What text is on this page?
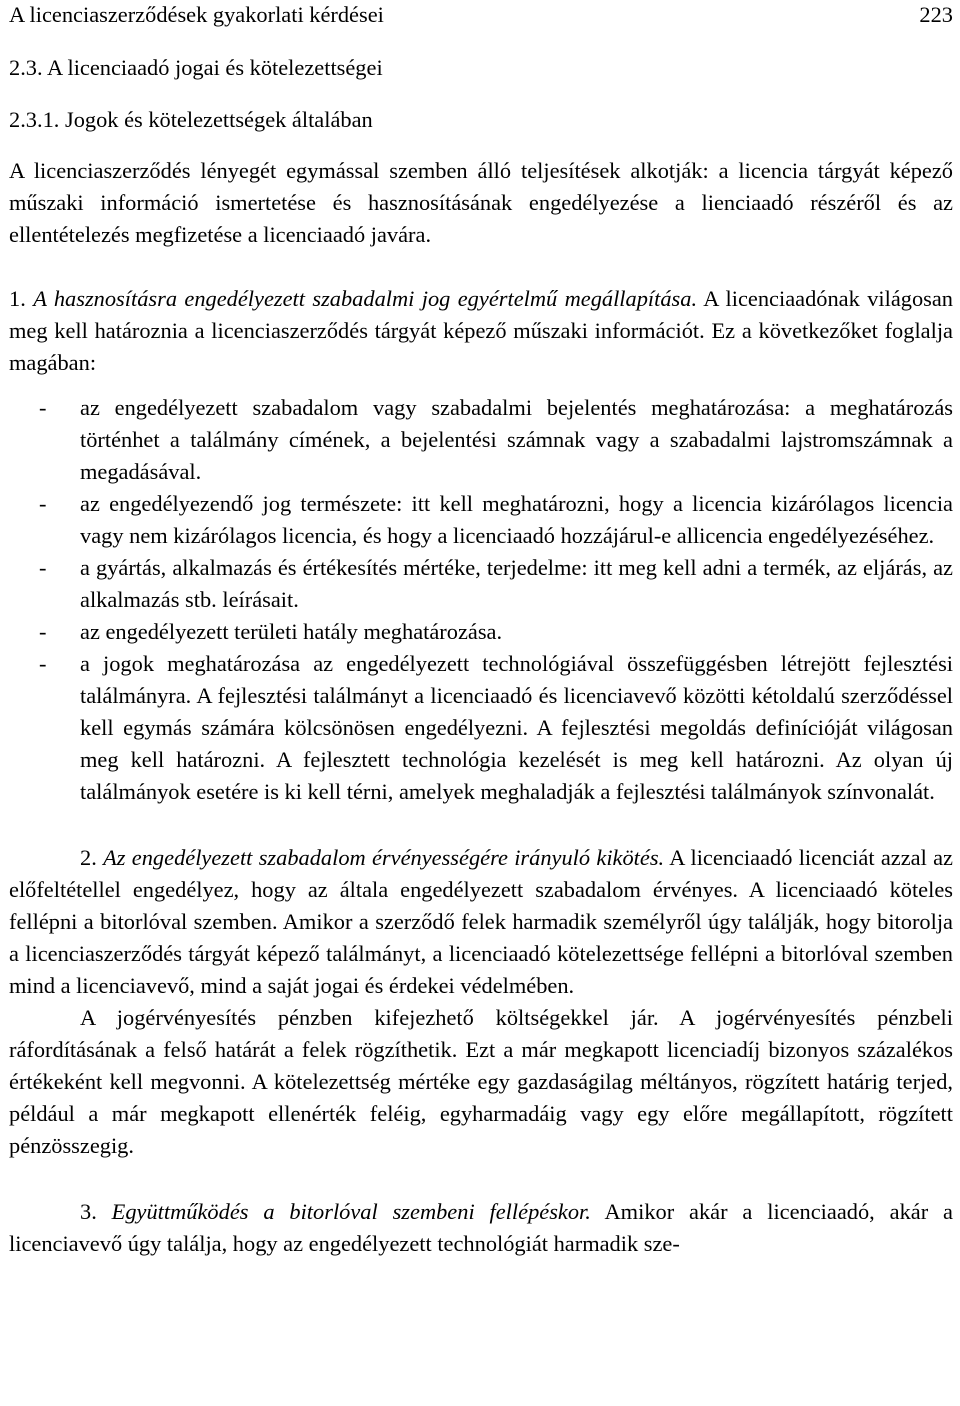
A licenciaszerződések gyakorlati kérdései	223
2.3. A licenciaadó jogai és kötelezettségei
2.3.1. Jogok és kötelezettségek általában

A licenciaszerződés lényegét egymással szemben álló teljesítések alkotják: a licencia tárgyát képező műszaki információ ismertetése és hasznosításának engedélyezése a lienciaadó részéről és az ellentételezés megfizetése a licenciaadó javára.

1. A hasznosításra engedélyezett szabadalmi jog egyértelmű megállapítása. A licenciaadónak világosan meg kell határoznia a licenciaszerződés tárgyát képező műszaki információt. Ez a következőket foglalja magában:

- az engedélyezett szabadalom vagy szabadalmi bejelentés meghatározása: a meghatározás történhet a találmány címének, a bejelentési számnak vagy a szabadalmi lajstromszámnak a megadásával.
- az engedélyezendő jog természete: itt kell meghatározni, hogy a licencia kizárólagos licencia vagy nem kizárólagos licencia, és hogy a licenciaadó hozzájárul-e allicencia engedélyezéséhez.
- a gyártás, alkalmazás és értékesítés mértéke, terjedelme: itt meg kell adni a termék, az eljárás, az alkalmazás stb. leírásait.
- az engedélyezett területi hatály meghatározása.
- a jogok meghatározása az engedélyezett technológiával összefüggésben létrejött fejlesztési találmányra. A fejlesztési találmányt a licenciaadó és licenciavevő közötti kétoldalú szerződéssel kell egymás számára kölcsönösen engedélyezni. A fejlesztési megoldás definícióját világosan meg kell határozni. A fejlesztett technológia kezelését is meg kell határozni. Az olyan új találmányok esetére is ki kell térni, amelyek meghaladják a fejlesztési találmányok színvonalát.

2. Az engedélyezett szabadalom érvényességére irányuló kikötés. A licenciaadó licenciát azzal az előfeltétellel engedélyez, hogy az általa engedélyezett szabadalom érvényes. A licenciaadó köteles fellépni a bitorlóval szemben. Amikor a szerződő felek harmadik személyről úgy találják, hogy bitorolja a licenciaszerződés tárgyát képező találmányt, a licenciaadó kötelezettsége fellépni a bitorlóval szemben mind a licenciavevő, mind a saját jogai és érdekei védelmében.

A jogérvényesítés pénzben kifejezhető költségekkel jár. A jogérvényesítés pénzbeli ráfordításának a felső határát a felek rögzíthetik. Ezt a már megkapott licenciadíj bizonyos százalékos értékeként kell megvonni. A kötelezettség mértéke egy gazdaságilag méltányos, rögzített határig terjed, például a már megkapott ellenérték feléig, egyharmadáig vagy egy előre megállapított, rögzített pénzösszegig.

3. Együttműködés a bitorlóval szembeni fellépéskor. Amikor akár a licenciaadó, akár a licenciavevő úgy találja, hogy az engedélyezett technológiát harmadik sze-
